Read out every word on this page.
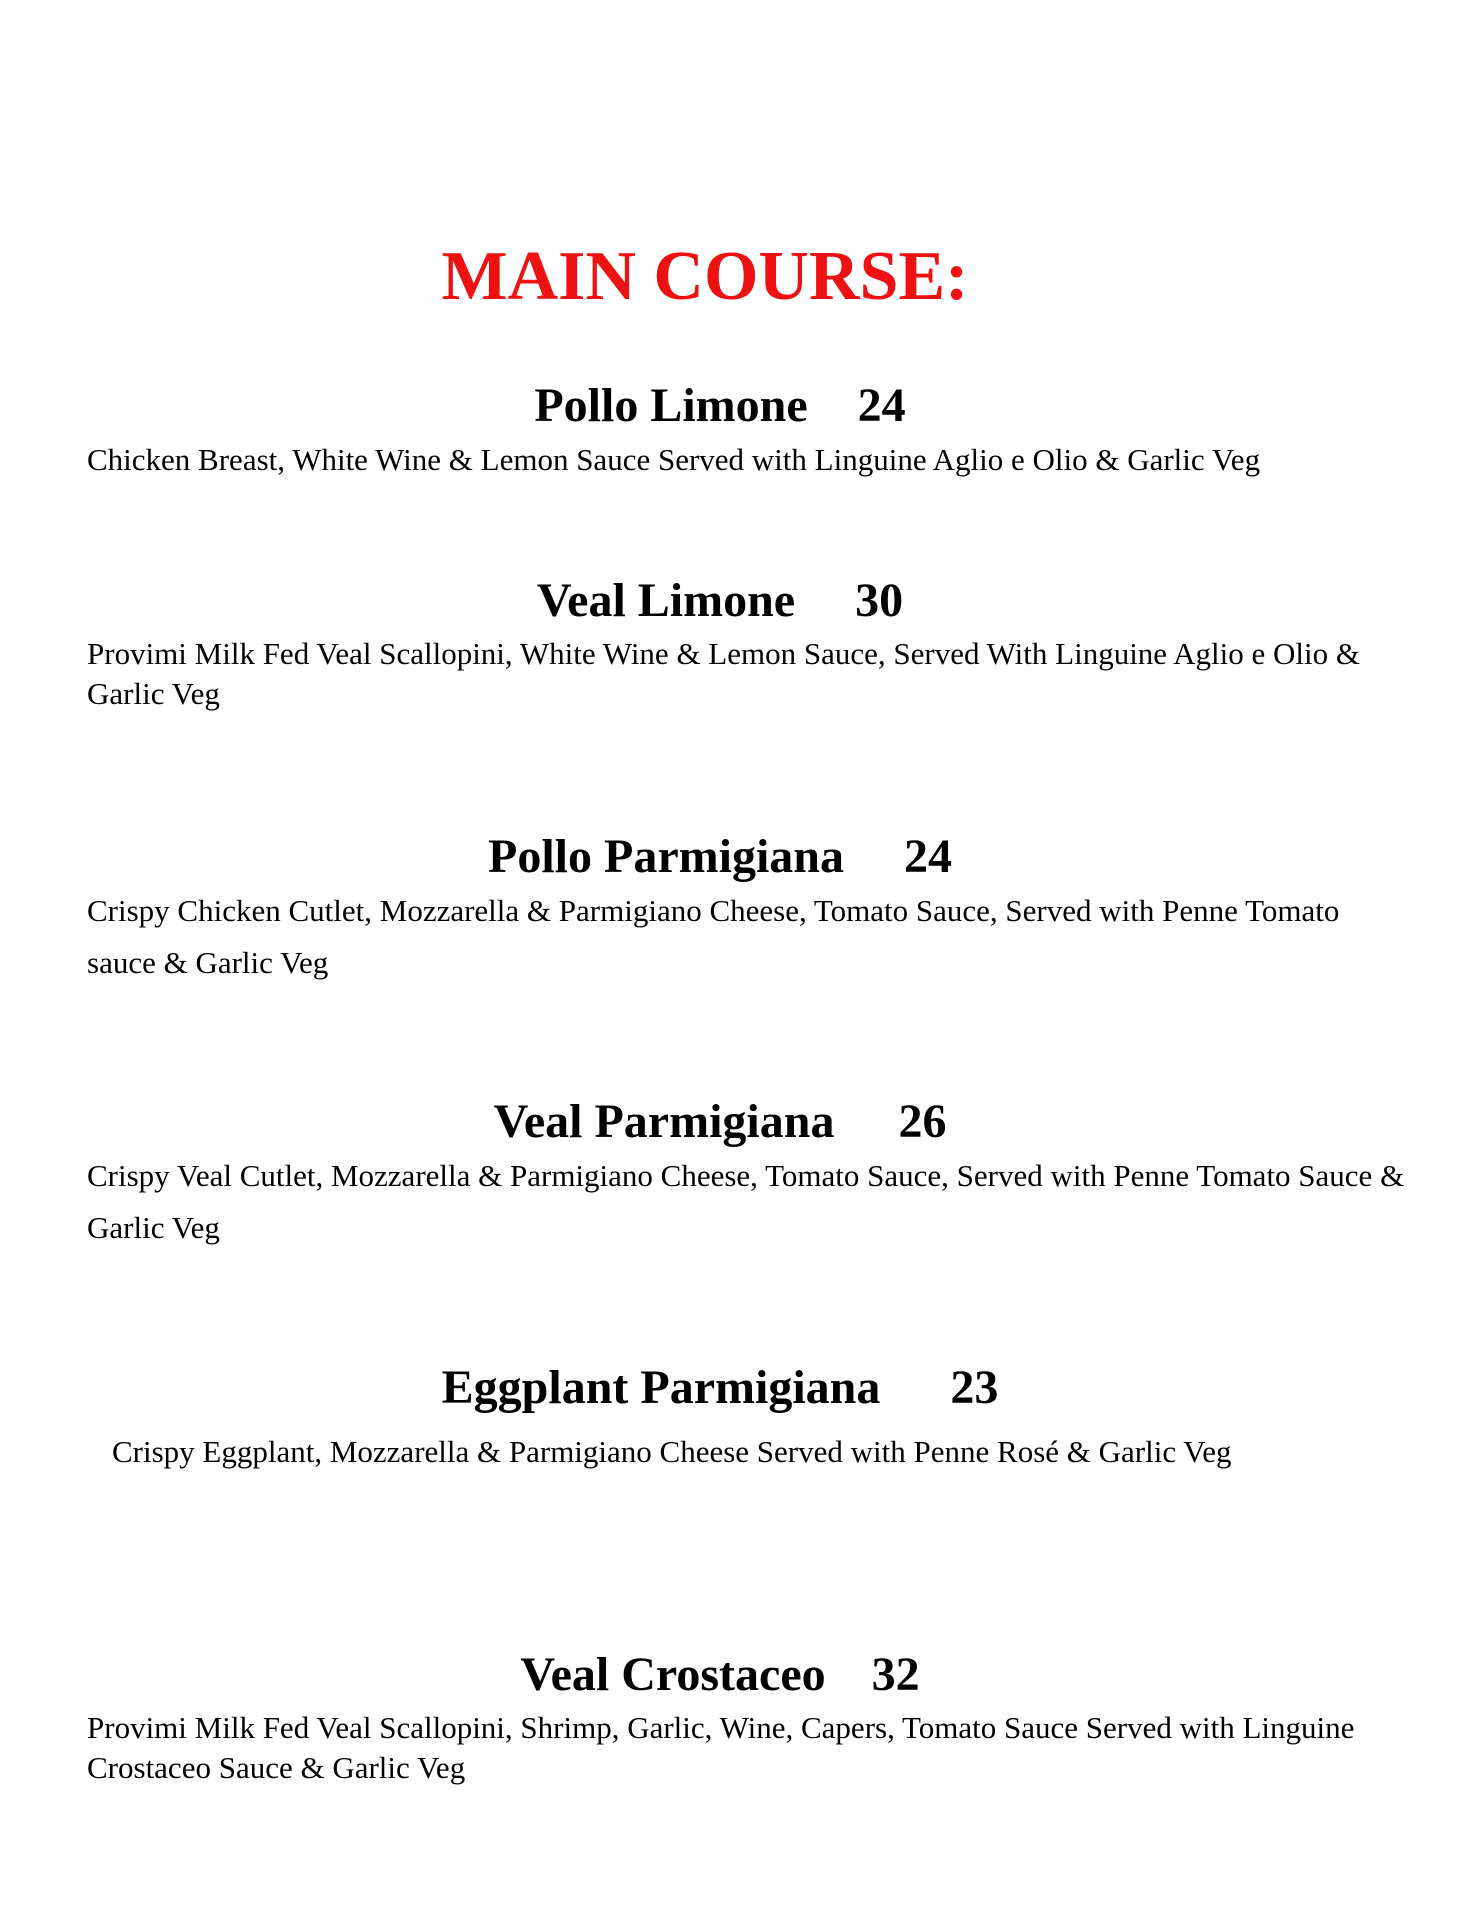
MAIN COURSE:
Pollo Limone 24

Chicken Breast, White Wine & Lemon Sauce Served with Linguine Aglio e Olio & Garlic Veg

Veal Limone 30

Provimi Milk Fed Veal Scallopini, White Wine & Lemon Sauce, Served With Linguine Aglio e Olio & Garlic Veg

Pollo Parmigiana 24

Crispy Chicken Cutlet, Mozzarella & Parmigiano Cheese, Tomato Sauce, Served with Penne Tomato sauce & Garlic Veg

Veal Parmigiana 26

Crispy Veal Cutlet, Mozzarella & Parmigiano Cheese, Tomato Sauce, Served with Penne Tomato Sauce & Garlic Veg

Eggplant Parmigiana 23

Crispy Eggplant, Mozzarella & Parmigiano Cheese Served with Penne Rosé & Garlic Veg

Veal Crostaceo 32

Provimi Milk Fed Veal Scallopini, Shrimp, Garlic, Wine, Capers, Tomato Sauce Served with Linguine Crostaceo Sauce & Garlic Veg
